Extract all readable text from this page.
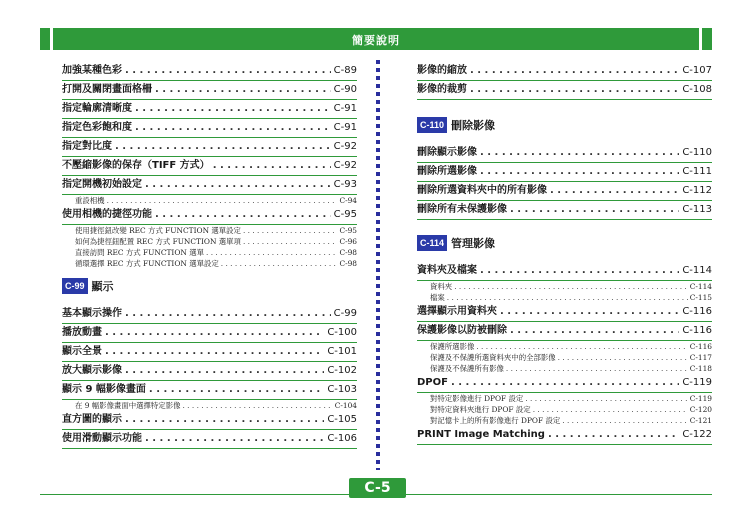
簡要說明
加強某種色彩 . . .	C-89
打開及關閉畫面格柵 . . .	C-90
指定輪廓清晰度 . . .	C-91
指定色彩飽和度 . . .	C-91
指定對比度 . . .	C-92
不壓縮影像的保存（TIFF 方式） . . .	C-92
指定開機初始設定 . . .	C-93
重設相機 . . .	C-94
使用相機的捷徑功能 . . .	C-95
使用捷徑鈕改變 REC 方式 FUNCTION 選單設定 . . .	C-95
如何為捷徑鈕配置 REC 方式 FUNCTION 選單項 . . .	C-96
直接訪問 REC 方式 FUNCTION 選單 . . .	C-98
循環選擇 REC 方式 FUNCTION 選單設定 . . .	C-98
C-99 顯示
基本顯示操作 . . .	C-99
播放動畫 . . .	C-100
顯示全景 . . .	C-101
放大顯示影像 . . .	C-102
顯示 9 幅影像畫面 . . .	C-103
在 9 幅影像畫面中選擇特定影像 . . .	C-104
直方圖的顯示 . . .	C-105
使用滑動顯示功能 . . .	C-106
影像的縮放 . . .	C-107
影像的裁剪 . . .	C-108
C-110 刪除影像
刪除顯示影像 . . .	C-110
刪除所選影像 . . .	C-111
刪除所選資料夾中的所有影像 . . .	C-112
刪除所有未保護影像 . . .	C-113
C-114 管理影像
資料夾及檔案 . . .	C-114
資料夾 . . .	C-114
檔案 . . .	C-115
選擇顯示用資料夾 . . .	C-116
保護影像以防被刪除 . . .	C-116
保護所選影像 . . .	C-116
保護及不保護所選資料夾中的全部影像 . . .	C-117
保護及不保護所有影像 . . .	C-118
DPOF . . .	C-119
對特定影像進行 DPOF 設定 . . .	C-119
對特定資料夾進行 DPOF 設定 . . .	C-120
對記憶卡上的所有影像進行 DPOF 設定 . . .	C-121
PRINT Image Matching . . .	C-122
C-5
